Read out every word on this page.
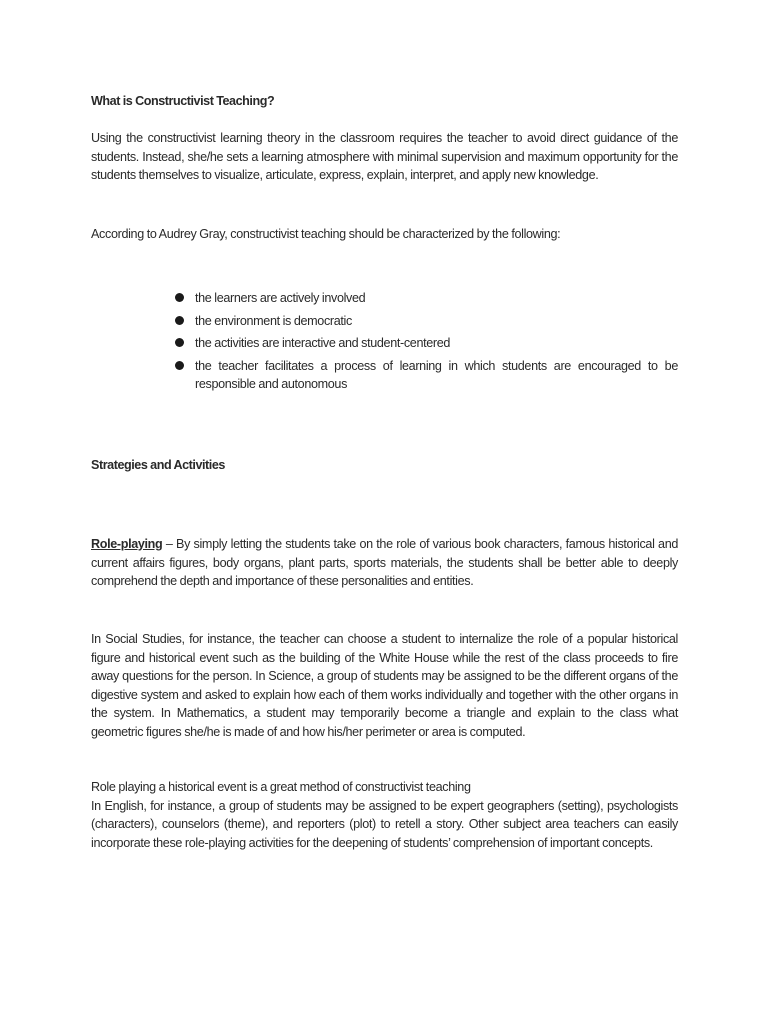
What is Constructivist Teaching?
Using the constructivist learning theory in the classroom requires the teacher to avoid direct guidance of the students. Instead, she/he sets a learning atmosphere with minimal supervision and maximum opportunity for the students themselves to visualize, articulate, express, explain, interpret, and apply new knowledge.
According to Audrey Gray, constructivist teaching should be characterized by the following:
the learners are actively involved
the environment is democratic
the activities are interactive and student-centered
the teacher facilitates a process of learning in which students are encouraged to be responsible and autonomous
Strategies and Activities
Role-playing – By simply letting the students take on the role of various book characters, famous historical and current affairs figures, body organs, plant parts, sports materials, the students shall be better able to deeply comprehend the depth and importance of these personalities and entities.
In Social Studies, for instance, the teacher can choose a student to internalize the role of a popular historical figure and historical event such as the building of the White House while the rest of the class proceeds to fire away questions for the person. In Science, a group of students may be assigned to be the different organs of the digestive system and asked to explain how each of them works individually and together with the other organs in the system. In Mathematics, a student may temporarily become a triangle and explain to the class what geometric figures she/he is made of and how his/her perimeter or area is computed.
Role playing a historical event is a great method of constructivist teaching
In English, for instance, a group of students may be assigned to be expert geographers (setting), psychologists (characters), counselors (theme), and reporters (plot) to retell a story. Other subject area teachers can easily incorporate these role-playing activities for the deepening of students’ comprehension of important concepts.
